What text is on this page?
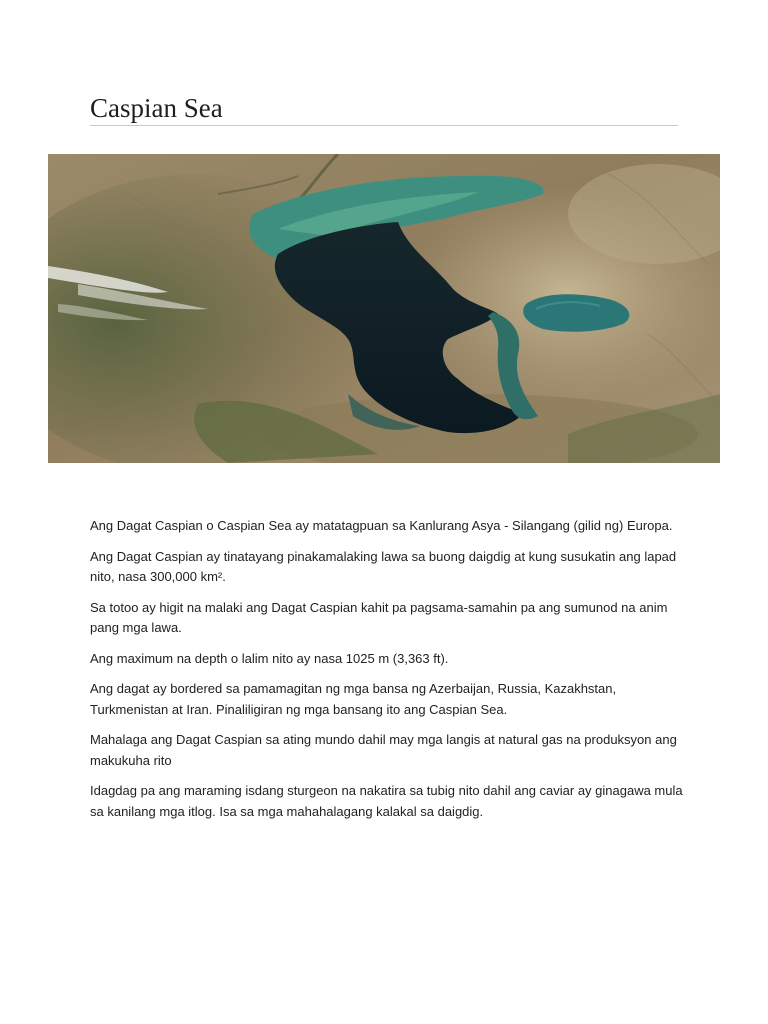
Caspian Sea

Ang Dagat Caspian o Caspian Sea ay matatagpuan sa Kanlurang Asya - Silangang (gilid ng) Europa.

Ang Dagat Caspian ay tinatayang pinakamalaking lawa sa buong daigdig at kung susukatin ang lapad nito, nasa 300,000 km².

Sa totoo ay higit na malaki ang Dagat Caspian kahit pa pagsama-samahin pa ang sumunod na anim pang mga lawa.

Ang maximum na depth o lalim nito ay nasa 1025 m (3,363 ft).

Ang dagat ay bordered sa pamamagitan ng mga bansa ng Azerbaijan, Russia, Kazakhstan, Turkmenistan at Iran. Pinaliligiran ng mga bansang ito ang Caspian Sea.

Mahalaga ang Dagat Caspian sa ating mundo dahil may mga langis at natural gas na produksyon ang makukuha rito

Idagdag pa ang maraming isdang sturgeon na nakatira sa tubig nito dahil ang caviar ay ginagawa mula sa kanilang mga itlog. Isa sa mga mahahalagang kalakal sa daigdig.
